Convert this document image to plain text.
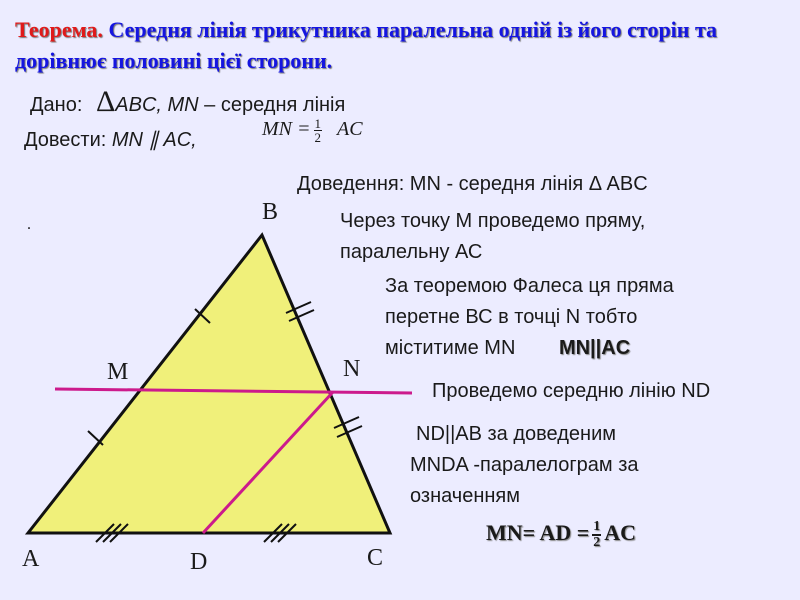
Теорема. Середня лінія трикутника паралельна одній із його сторін та дорівнює половині цієї сторони.
Дано: ΔABC, MN – середня лінія
Довести: MN ∥ AC,	MN = $\frac{1}{2}$ AC
Доведення: MN - середня лінія Δ ABC
Через точку М проведемо пряму,
паралельну АС
За теоремою Фалеса ця пряма
перетне ВС в точці N тобто
міститиме MN MN||AC
Проведемо середню лінію ND
ND||AB за доведеним
MNDA -паралелограм за
означенням
MN= AD = $\frac{1}{2}$ AC
B
M	N
A	D	C
.
